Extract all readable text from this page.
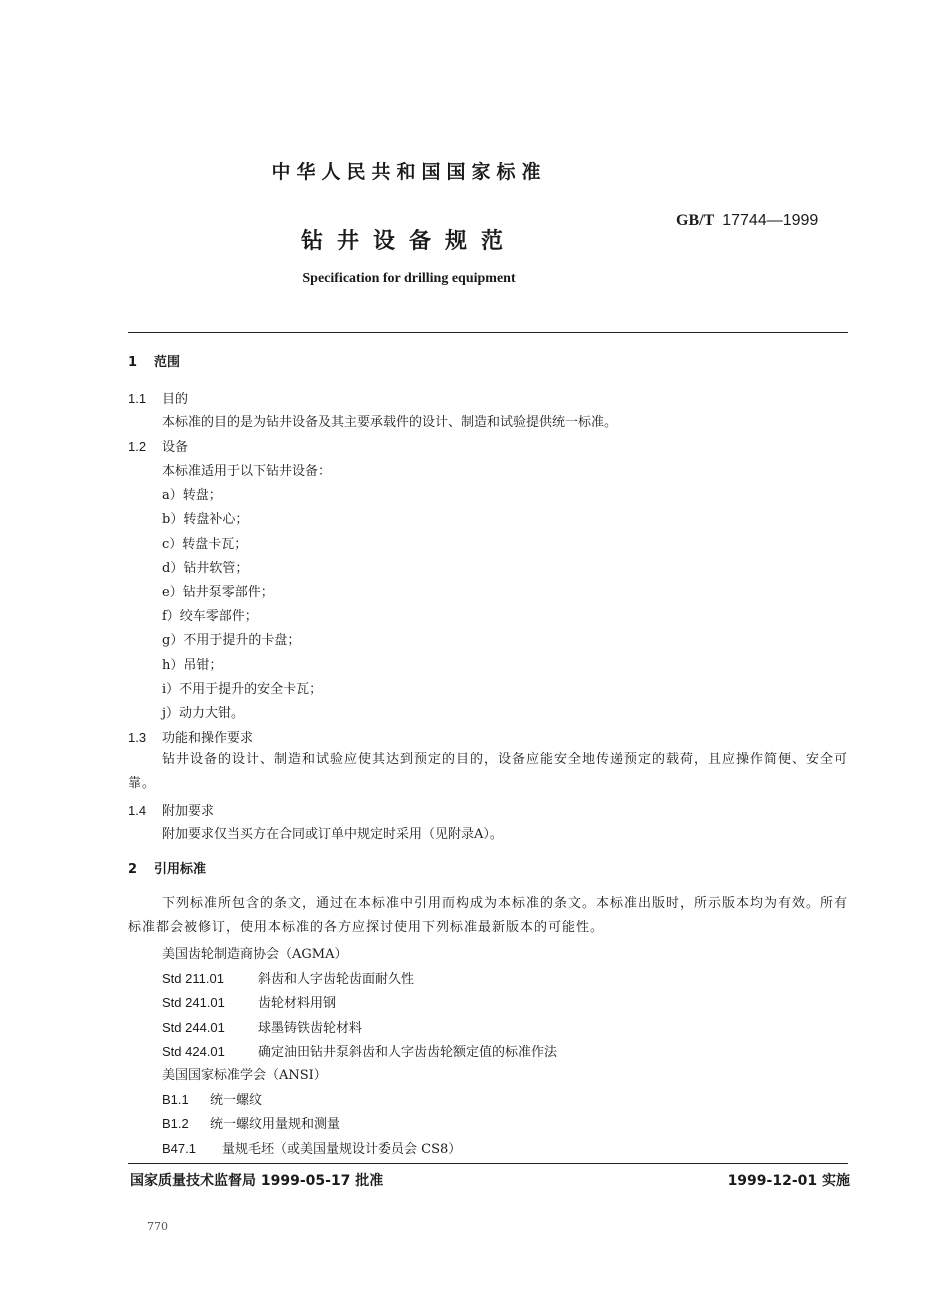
中华人民共和国国家标准
GB/T 17744—1999
钻井设备规范
Specification for drilling equipment
1 范围
1.1 目的
本标准的目的是为钻井设备及其主要承载件的设计、制造和试验提供统一标准。
1.2 设备
本标准适用于以下钻井设备：
a）转盘；
b）转盘补心；
c）转盘卡瓦；
d）钻井软管；
e）钻井泵零部件；
f）绞车零部件；
g）不用于提升的卡盘；
h）吊钳；
i）不用于提升的安全卡瓦；
j）动力大钳。
1.3 功能和操作要求
钻井设备的设计、制造和试验应使其达到预定的目的，设备应能安全地传递预定的载荷，且应操作简便、安全可靠。
1.4 附加要求
附加要求仅当买方在合同或订单中规定时采用（见附录A）。
2 引用标准
下列标准所包含的条文，通过在本标准中引用而构成为本标准的条文。本标准出版时，所示版本均为有效。所有标准都会被修订，使用本标准的各方应探讨使用下列标准最新版本的可能性。
美国齿轮制造商协会（AGMA）
Std 211.01	斜齿和人字齿轮齿面耐久性
Std 241.01	齿轮材料用钢
Std 244.01	球墨铸铁齿轮材料
Std 424.01	确定油田钻井泵斜齿和人字齿齿轮额定值的标准作法
美国国家标准学会（ANSI）
B1.1 统一螺纹
B1.2 统一螺纹用量规和测量
B47.1 量规毛坯（或美国量规设计委员会 CS8）
国家质量技术监督局 1999-05-17 批准	1999-12-01 实施
770
